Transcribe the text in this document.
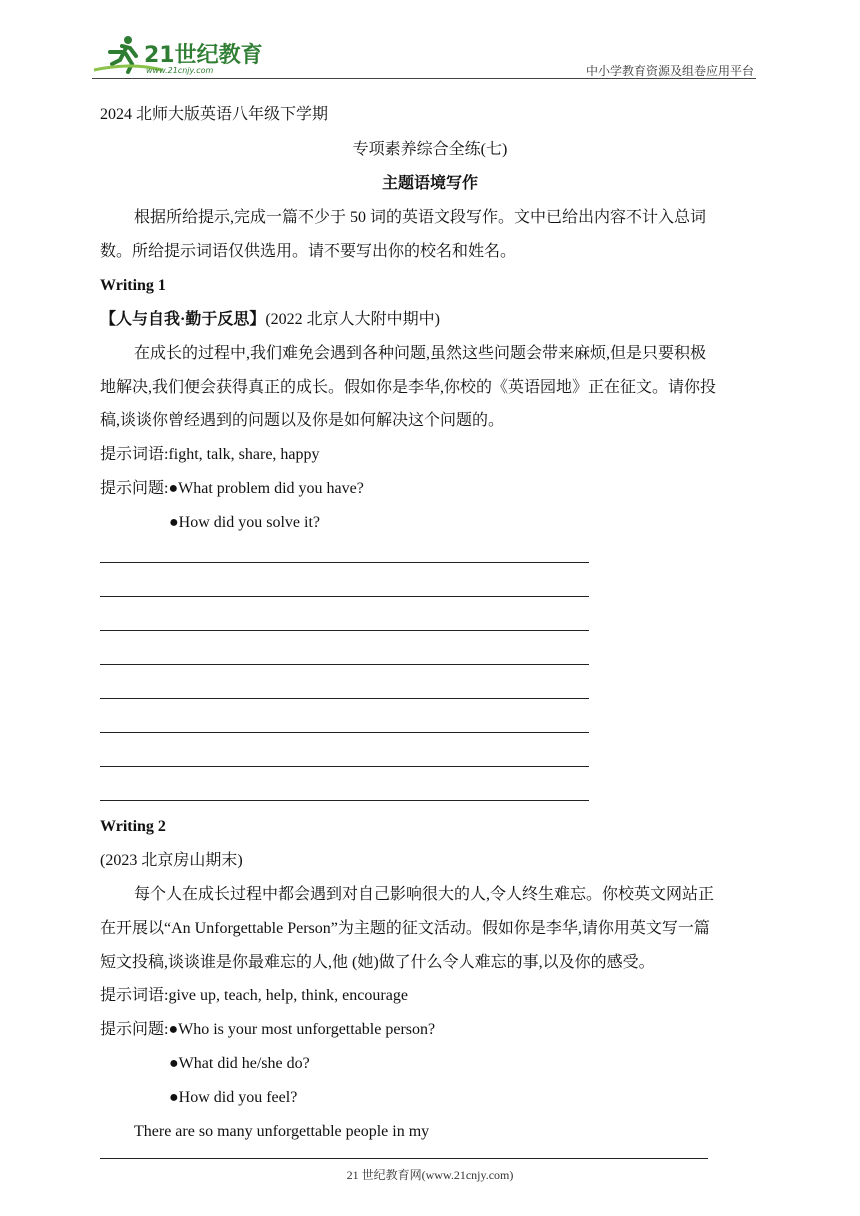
21世纪教育
www.21cnjy.com	中小学教育资源及组卷应用平台
2024 北师大版英语八年级下学期
专项素养综合全练(七)
主题语境写作
根据所给提示,完成一篇不少于 50 词的英语文段写作。文中已给出内容不计入总词
数。所给提示词语仅供选用。请不要写出你的校名和姓名。
Writing 1
【人与自我·勤于反思】(2022 北京人大附中期中)
在成长的过程中,我们难免会遇到各种问题,虽然这些问题会带来麻烦,但是只要积极
地解决,我们便会获得真正的成长。假如你是李华,你校的《英语园地》正在征文。请你投
稿,谈谈你曾经遇到的问题以及你是如何解决这个问题的。
提示词语:fight, talk, share, happy
提示问题:●What problem did you have?
●How did you solve it?
Writing 2
(2023 北京房山期末)
每个人在成长过程中都会遇到对自己影响很大的人,令人终生难忘。你校英文网站正
在开展以“An Unforgettable Person”为主题的征文活动。假如你是李华,请你用英文写一篇
短文投稿,谈谈谁是你最难忘的人,他 (她)做了什么令人难忘的事,以及你的感受。
提示词语:give up, teach, help, think, encourage
提示问题:●Who is your most unforgettable person?
●What did he/she do?
●How did you feel?
There are so many unforgettable people in my
21 世纪教育网(www.21cnjy.com)
